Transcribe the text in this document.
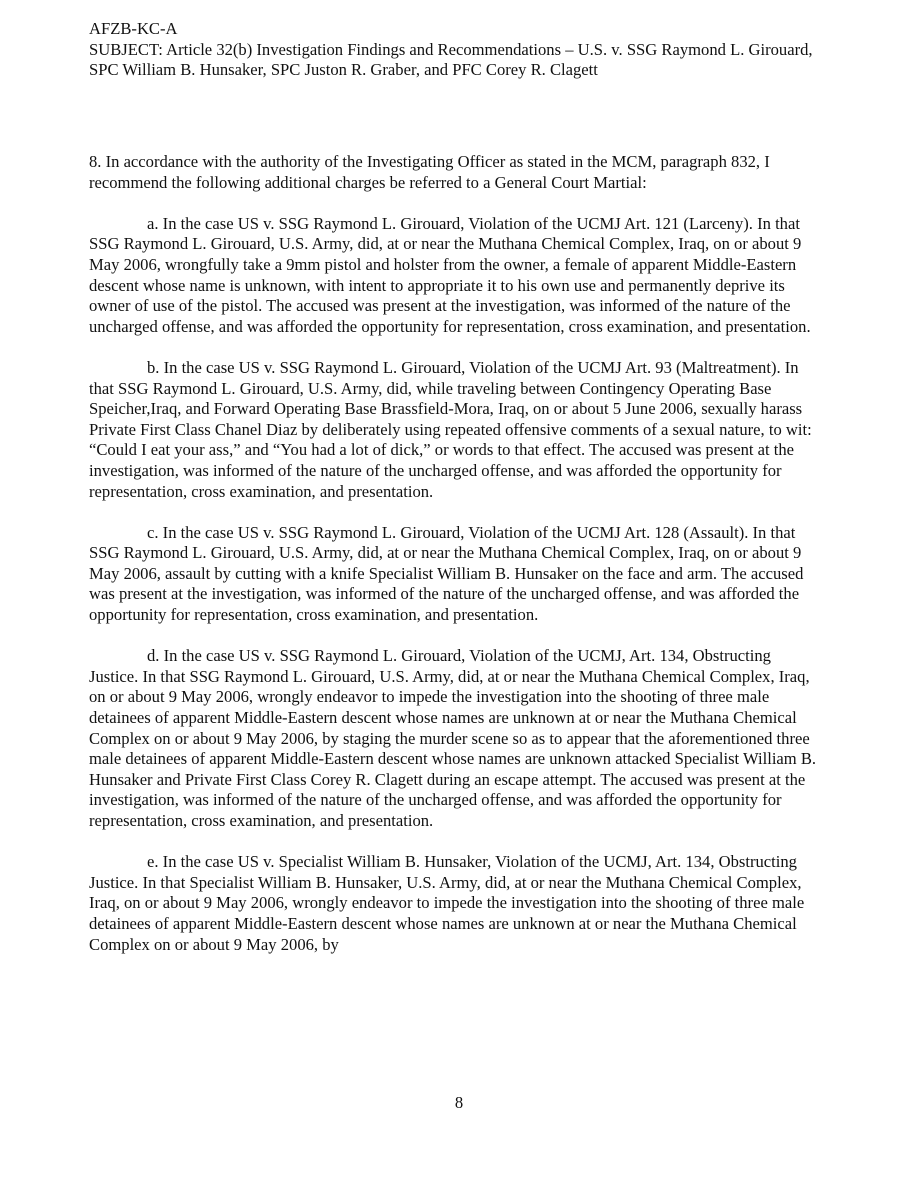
AFZB-KC-A

SUBJECT: Article 32(b) Investigation Findings and Recommendations – U.S. v. SSG Raymond L. Girouard, SPC William B. Hunsaker, SPC Juston R. Graber, and PFC Corey R. Clagett

8. In accordance with the authority of the Investigating Officer as stated in the MCM, paragraph 832, I recommend the following additional charges be referred to a General Court Martial:

a. In the case US v. SSG Raymond L. Girouard, Violation of the UCMJ Art. 121 (Larceny). In that SSG Raymond L. Girouard, U.S. Army, did, at or near the Muthana Chemical Complex, Iraq, on or about 9 May 2006, wrongfully take a 9mm pistol and holster from the owner, a female of apparent Middle-Eastern descent whose name is unknown, with intent to appropriate it to his own use and permanently deprive its owner of use of the pistol. The accused was present at the investigation, was informed of the nature of the uncharged offense, and was afforded the opportunity for representation, cross examination, and presentation.

b. In the case US v. SSG Raymond L. Girouard, Violation of the UCMJ Art. 93 (Maltreatment). In that SSG Raymond L. Girouard, U.S. Army, did, while traveling between Contingency Operating Base Speicher,Iraq, and Forward Operating Base Brassfield-Mora, Iraq, on or about 5 June 2006, sexually harass Private First Class Chanel Diaz by deliberately using repeated offensive comments of a sexual nature, to wit: “Could I eat your ass,” and “You had a lot of dick,” or words to that effect. The accused was present at the investigation, was informed of the nature of the uncharged offense, and was afforded the opportunity for representation, cross examination, and presentation.

c. In the case US v. SSG Raymond L. Girouard, Violation of the UCMJ Art. 128 (Assault). In that SSG Raymond L. Girouard, U.S. Army, did, at or near the Muthana Chemical Complex, Iraq, on or about 9 May 2006, assault by cutting with a knife Specialist William B. Hunsaker on the face and arm. The accused was present at the investigation, was informed of the nature of the uncharged offense, and was afforded the opportunity for representation, cross examination, and presentation.

d. In the case US v. SSG Raymond L. Girouard, Violation of the UCMJ, Art. 134, Obstructing Justice. In that SSG Raymond L. Girouard, U.S. Army, did, at or near the Muthana Chemical Complex, Iraq, on or about 9 May 2006, wrongly endeavor to impede the investigation into the shooting of three male detainees of apparent Middle-Eastern descent whose names are unknown at or near the Muthana Chemical Complex on or about 9 May 2006, by staging the murder scene so as to appear that the aforementioned three male detainees of apparent Middle-Eastern descent whose names are unknown attacked Specialist William B. Hunsaker and Private First Class Corey R. Clagett during an escape attempt. The accused was present at the investigation, was informed of the nature of the uncharged offense, and was afforded the opportunity for representation, cross examination, and presentation.

e. In the case US v. Specialist William B. Hunsaker, Violation of the UCMJ, Art. 134, Obstructing Justice. In that Specialist William B. Hunsaker, U.S. Army, did, at or near the Muthana Chemical Complex, Iraq, on or about 9 May 2006, wrongly endeavor to impede the investigation into the shooting of three male detainees of apparent Middle-Eastern descent whose names are unknown at or near the Muthana Chemical Complex on or about 9 May 2006, by

8
